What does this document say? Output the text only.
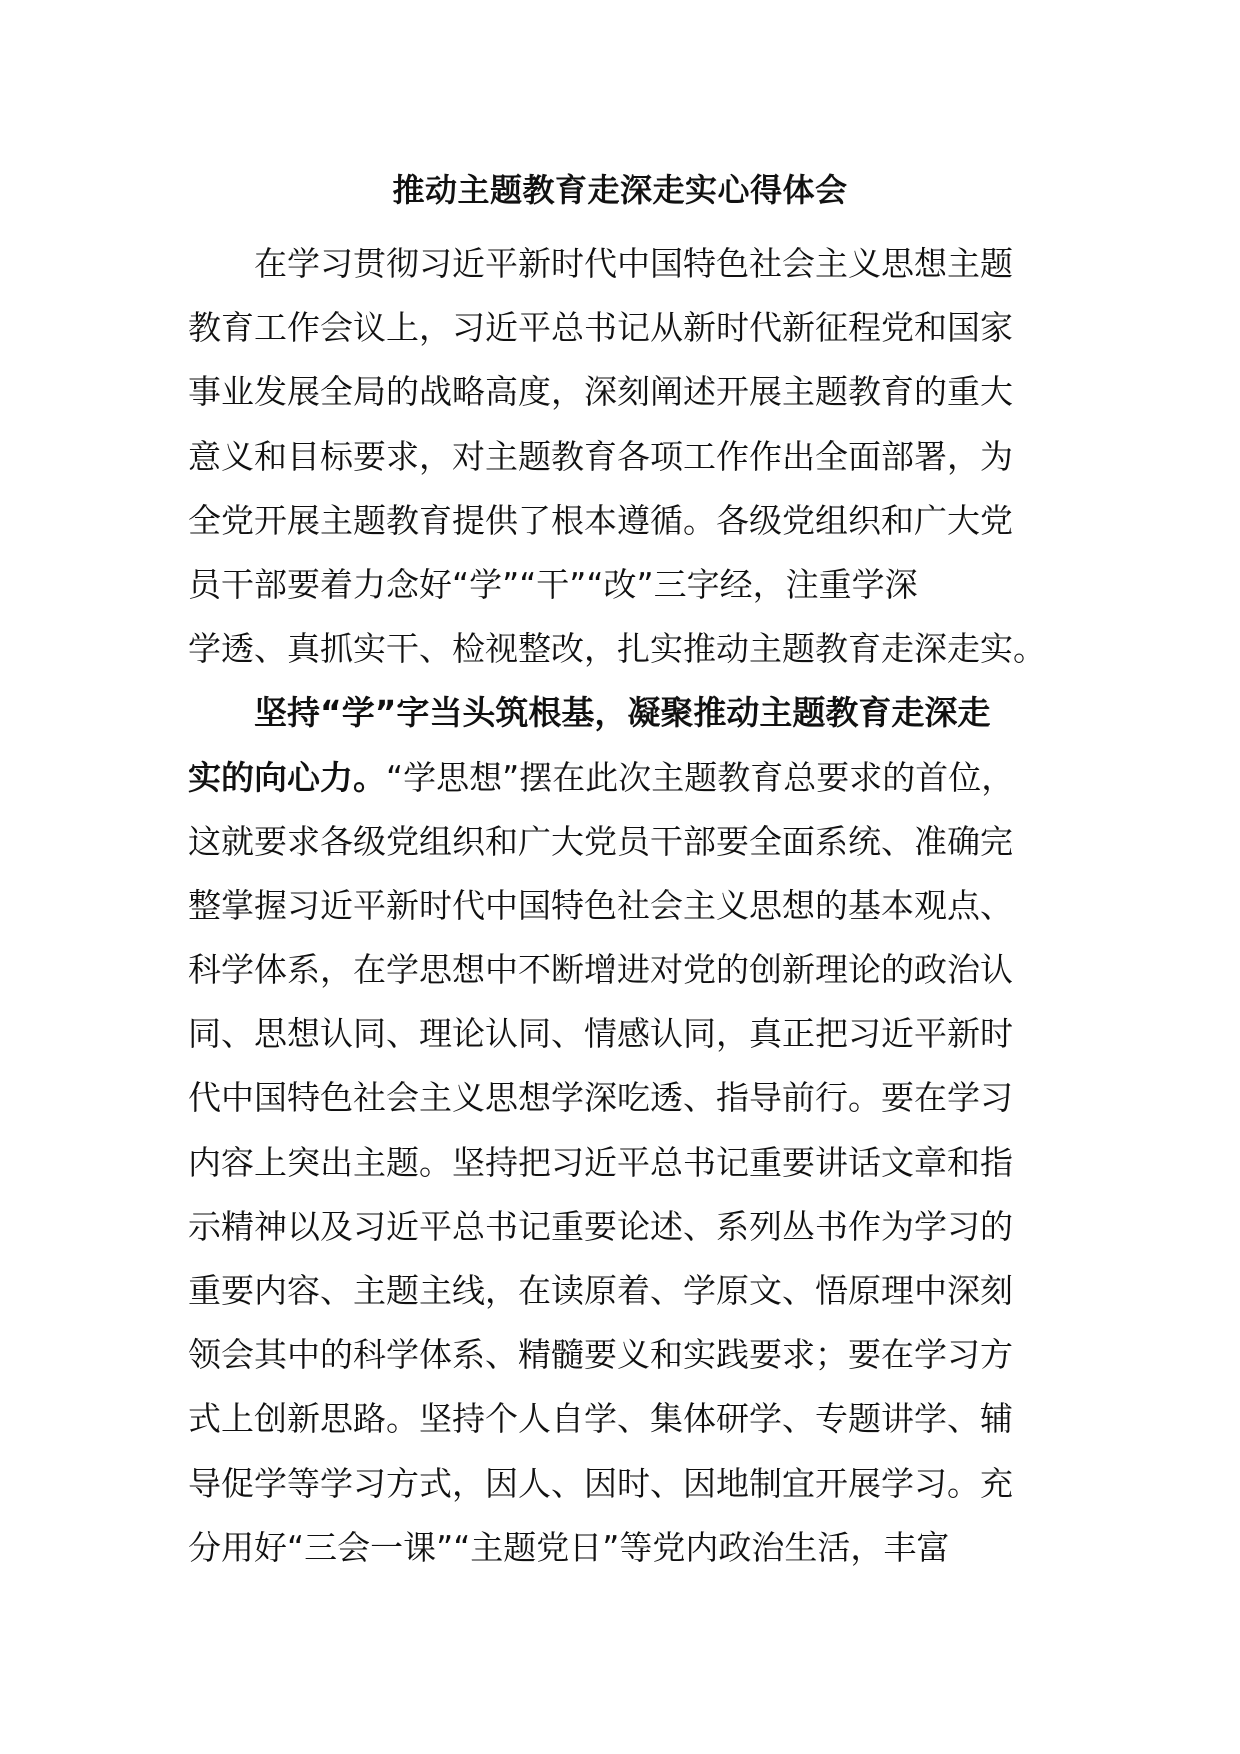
推动主题教育走深走实心得体会
在学习贯彻习近平新时代中国特色社会主义思想主题
教育工作会议上，习近平总书记从新时代新征程党和国家
事业发展全局的战略高度，深刻阐述开展主题教育的重大
意义和目标要求，对主题教育各项工作作出全面部署，为
全党开展主题教育提供了根本遵循。各级党组织和广大党
员干部要着力念好“学”“干”“改”三字经，注重学深
学透、真抓实干、检视整改，扎实推动主题教育走深走实。
坚持“学”字当头筑根基，凝聚推动主题教育走深走
实的向心力。“学思想”摆在此次主题教育总要求的首位，
这就要求各级党组织和广大党员干部要全面系统、准确完
整掌握习近平新时代中国特色社会主义思想的基本观点、
科学体系，在学思想中不断增进对党的创新理论的政治认
同、思想认同、理论认同、情感认同，真正把习近平新时
代中国特色社会主义思想学深吃透、指导前行。要在学习
内容上突出主题。坚持把习近平总书记重要讲话文章和指
示精神以及习近平总书记重要论述、系列丛书作为学习的
重要内容、主题主线，在读原着、学原文、悟原理中深刻
领会其中的科学体系、精髓要义和实践要求；要在学习方
式上创新思路。坚持个人自学、集体研学、专题讲学、辅
导促学等学习方式，因人、因时、因地制宜开展学习。充
分用好“三会一课”“主题党日”等党内政治生活，丰富
